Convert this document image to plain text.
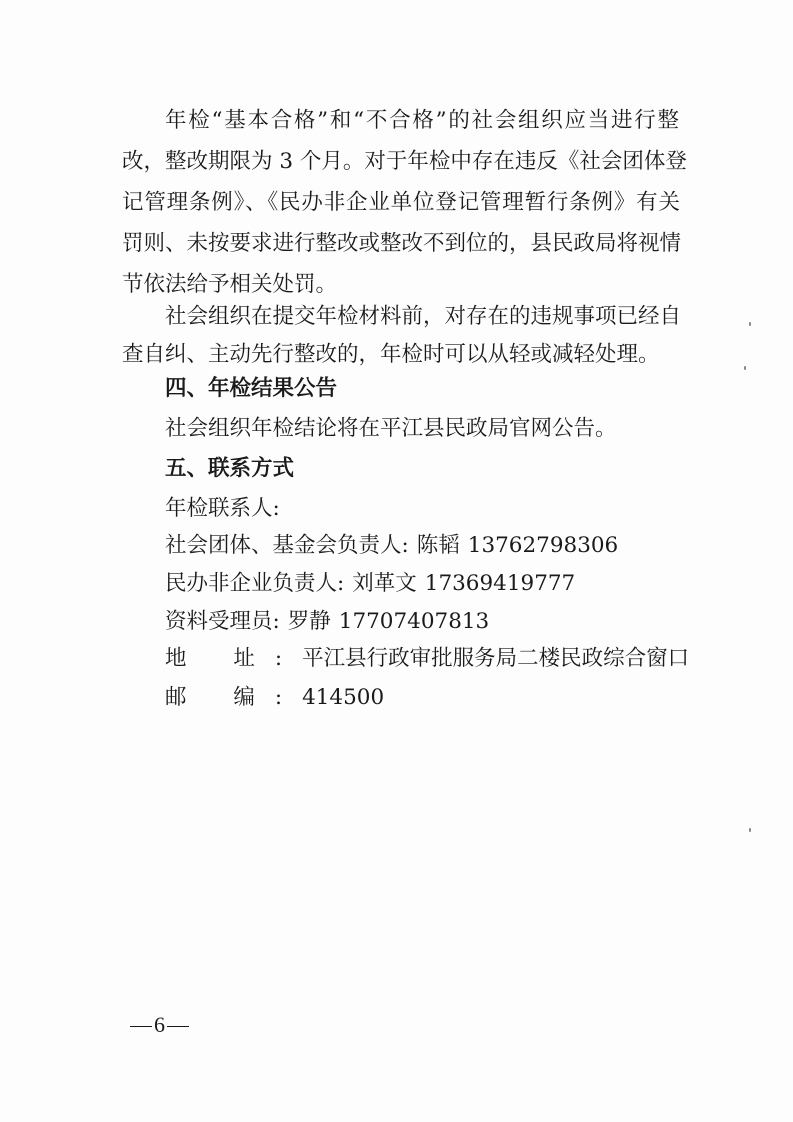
年检“基本合格”和“不合格”的社会组织应当进行整
改，整改期限为 3 个月。对于年检中存在违反《社会团体登
记管理条例》、《民办非企业单位登记管理暂行条例》有关
罚则、未按要求进行整改或整改不到位的，县民政局将视情
节依法给予相关处罚。
社会组织在提交年检材料前，对存在的违规事项已经自
查自纠、主动先行整改的，年检时可以从轻或减轻处理。
四、年检结果公告
社会组织年检结论将在平江县民政局官网公告。
五、联系方式
年检联系人:
社会团体、基金会负责人: 陈韬 13762798306
民办非企业负责人: 刘革文 17369419777
资料受理员: 罗静 17707407813
地 址:平江县行政审批服务局二楼民政综合窗口
邮 编:414500
6
